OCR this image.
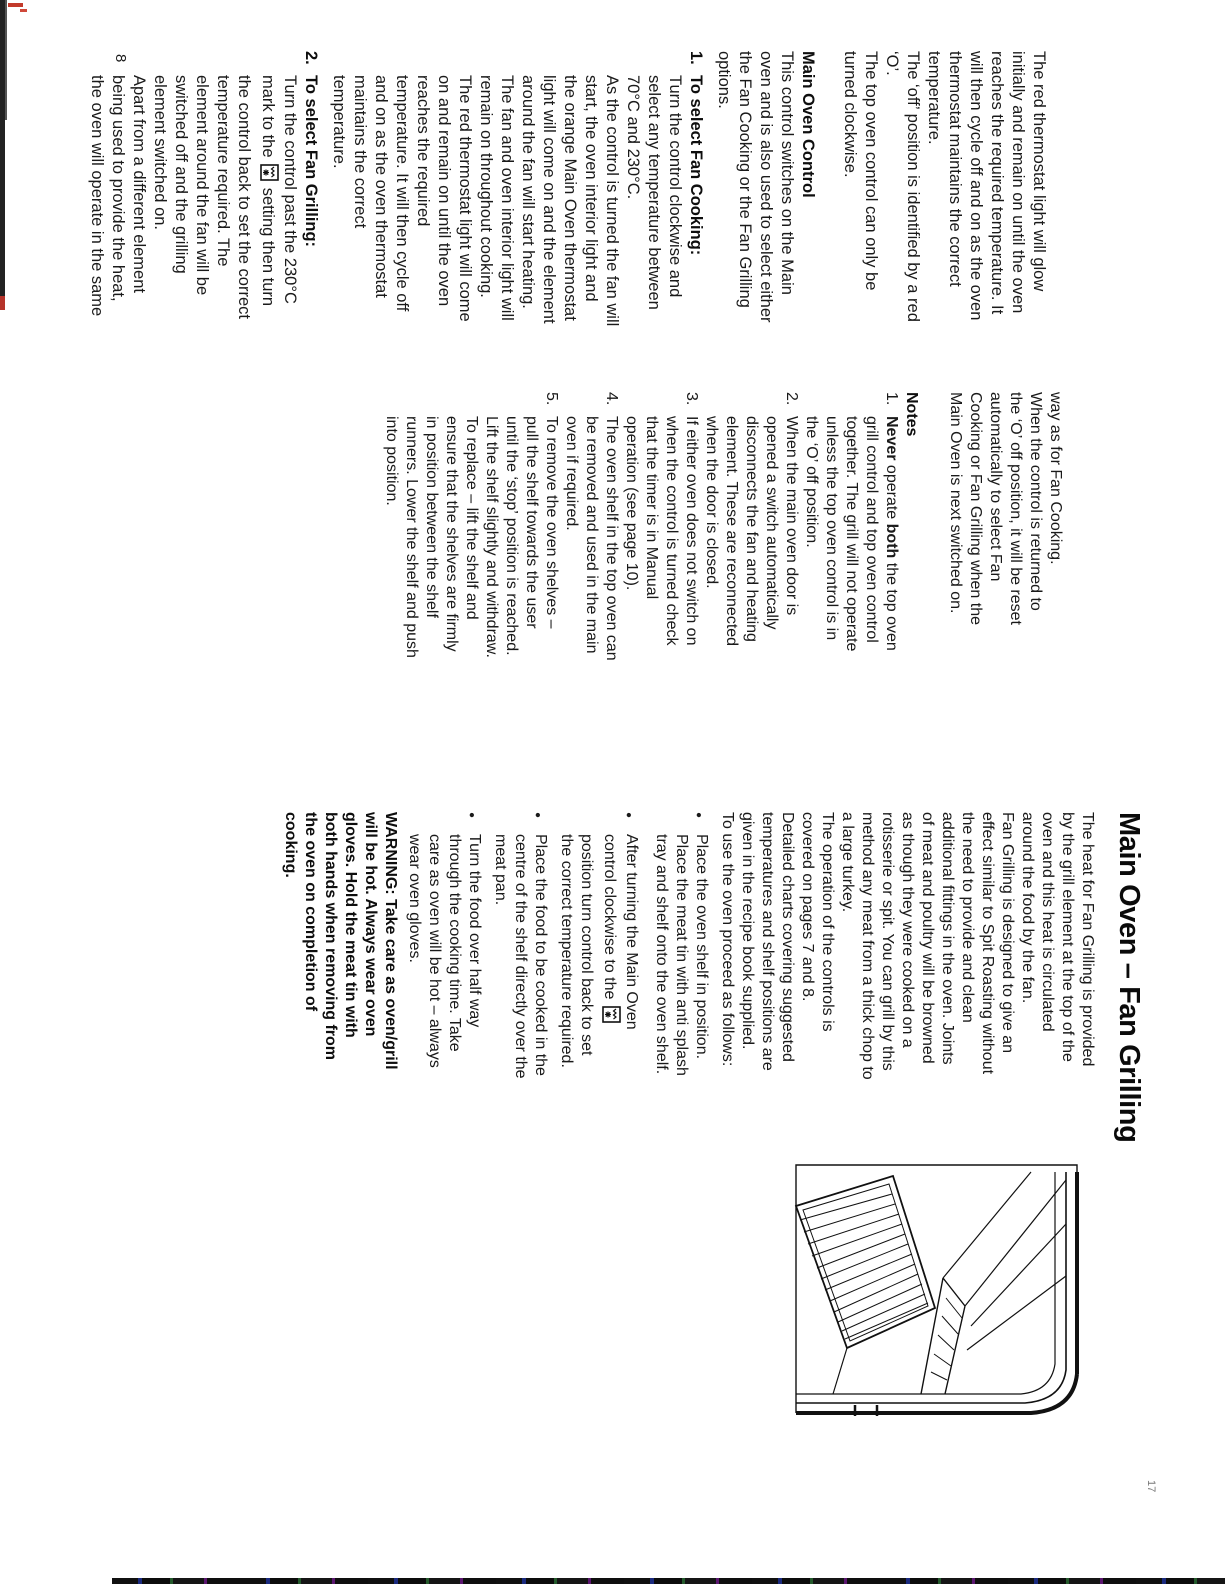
8
17
The red thermostat light will glow
initially and remain on until the oven
reaches the required temperature. It
will then cycle off and on as the oven
thermostat maintains the correct
temperature.
The ‘off’ position is identified by a red
‘O’.
The top oven control can only be
turned clockwise.
Main Oven Control
This control switches on the Main
oven and is also used to select either
the Fan Cooking or the Fan Grilling
options.
1.
To select Fan Cooking:
Turn the control clockwise and
select any temperature between
70°C and 230°C.
As the control is turned the fan will
start, the oven interior light and
the orange Main Oven thermostat
light will come on and the element
around the fan will start heating.
The fan and oven interior light will
remain on throughout cooking.
The red thermostat light will come
on and remain on until the oven
reaches the required
temperature. It will then cycle off
and on as the oven thermostat
maintains the correct
temperature.
2.
To select Fan Grilling:
Turn the control past the 230°C
mark to the  setting then turn
the control back to set the correct
temperature required. The
element around the fan will be
switched off and the grilling
element switched on.
Apart from a different element
being used to provide the heat,
the oven will operate in the same
way as for Fan Cooking.
When the control is returned to
the ‘O’ off position, it will be reset
automatically to select Fan
Cooking or Fan Grilling when the
Main Oven is next switched on.
Notes
1.
Never operate both the top oven
grill control and top oven control
together. The grill will not operate
unless the top oven control is in
the ‘O’ off position.
2.
When the main oven door is
opened a switch automatically
disconnects the fan and heating
element. These are reconnected
when the door is closed.
3.
If either oven does not switch on
when the control is turned check
that the timer is in Manual
operation (see page 10).
4.
The oven shelf in the top oven can
be removed and used in the main
oven if required.
5.
To remove the oven shelves –
pull the shelf towards the user
until the ‘stop’ position is reached.
Lift the shelf slightly and withdraw.
To replace – lift the shelf and
ensure that the shelves are firmly
in position between the shelf
runners. Lower the shelf and push
into position.
Main Oven – Fan Grilling
The heat for Fan Grilling is provided
by the grill element at the top of the
oven and this heat is circulated
around the food by the fan.
Fan Grilling is designed to give an
effect similar to Spit Roasting without
the need to provide and clean
additional fittings in the oven. Joints
of meat and poultry will be browned
as though they were cooked on a
rotisserie or spit. You can grill by this
method any meat from a thick chop to
a large turkey.
The operation of the controls is
covered on pages 7 and 8.
Detailed charts covering suggested
temperatures and shelf positions are
given in the recipe book supplied.
To use the oven proceed as follows:
●
Place the oven shelf in position.
Place the meat tin with anti splash
tray and shelf onto the oven shelf.
●
After turning the Main Oven
control clockwise to the
position turn control back to set
the correct temperature required.
●
Place the food to be cooked in the
centre of the shelf directly over the
meat pan.
●
Turn the food over half way
through the cooking time. Take
care as oven will be hot – always
wear oven gloves.
WARNING: Take care as oven/grill
will be hot. Always wear oven
gloves. Hold the meat tin with
both hands when removing from
the oven on completion of
cooking.
